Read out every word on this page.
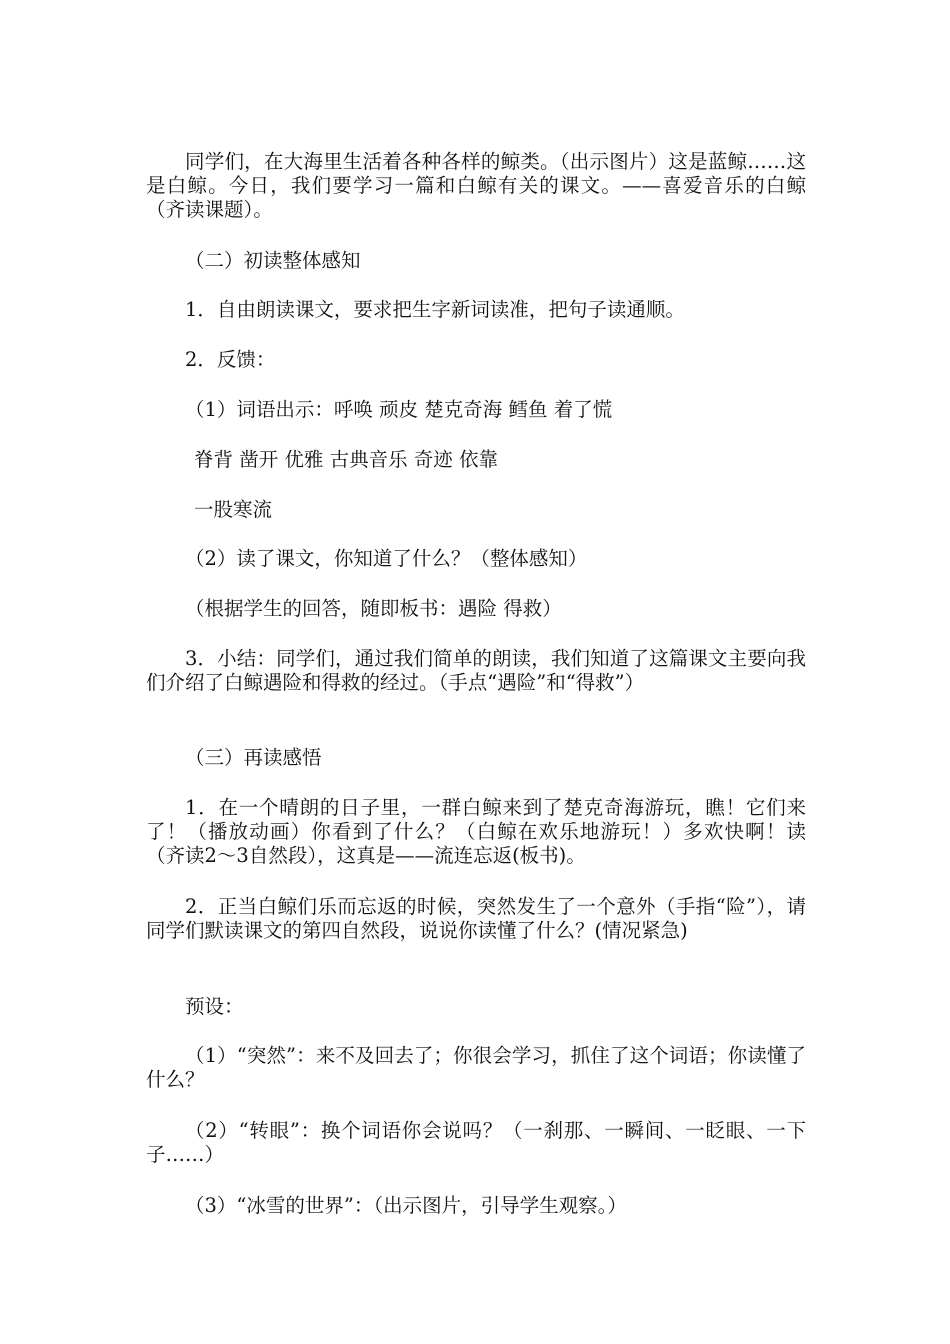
同学们，在大海里生活着各种各样的鲸类。（出示图片）这是蓝鲸……这是白鲸。今日，我们要学习一篇和白鲸有关的课文。——喜爱音乐的白鲸（齐读课题）。

（二）初读整体感知

1．自由朗读课文，要求把生字新词读准，把句子读通顺。

2．反馈：

（1）词语出示：呼唤 顽皮 楚克奇海 鳕鱼 着了慌

脊背 凿开 优雅 古典音乐 奇迹 依靠

一股寒流

（2）读了课文，你知道了什么？（整体感知）

（根据学生的回答，随即板书：遇险 得救）

3．小结：同学们，通过我们简单的朗读，我们知道了这篇课文主要向我们介绍了白鲸遇险和得救的经过。（手点“遇险”和“得救”）

（三）再读感悟

1．在一个晴朗的日子里，一群白鲸来到了楚克奇海游玩，瞧！它们来了！（播放动画）你看到了什么？（白鲸在欢乐地游玩！）多欢快啊！读（齐读2～3自然段），这真是——流连忘返(板书)。

2．正当白鲸们乐而忘返的时候，突然发生了一个意外（手指“险”），请同学们默读课文的第四自然段，说说你读懂了什么？(情况紧急)

预设：

（1）“突然”：来不及回去了；你很会学习，抓住了这个词语；你读懂了什么？

（2）“转眼”：换个词语你会说吗？（一刹那、一瞬间、一眨眼、一下子……）

（3）“冰雪的世界”：（出示图片，引导学生观察。）
